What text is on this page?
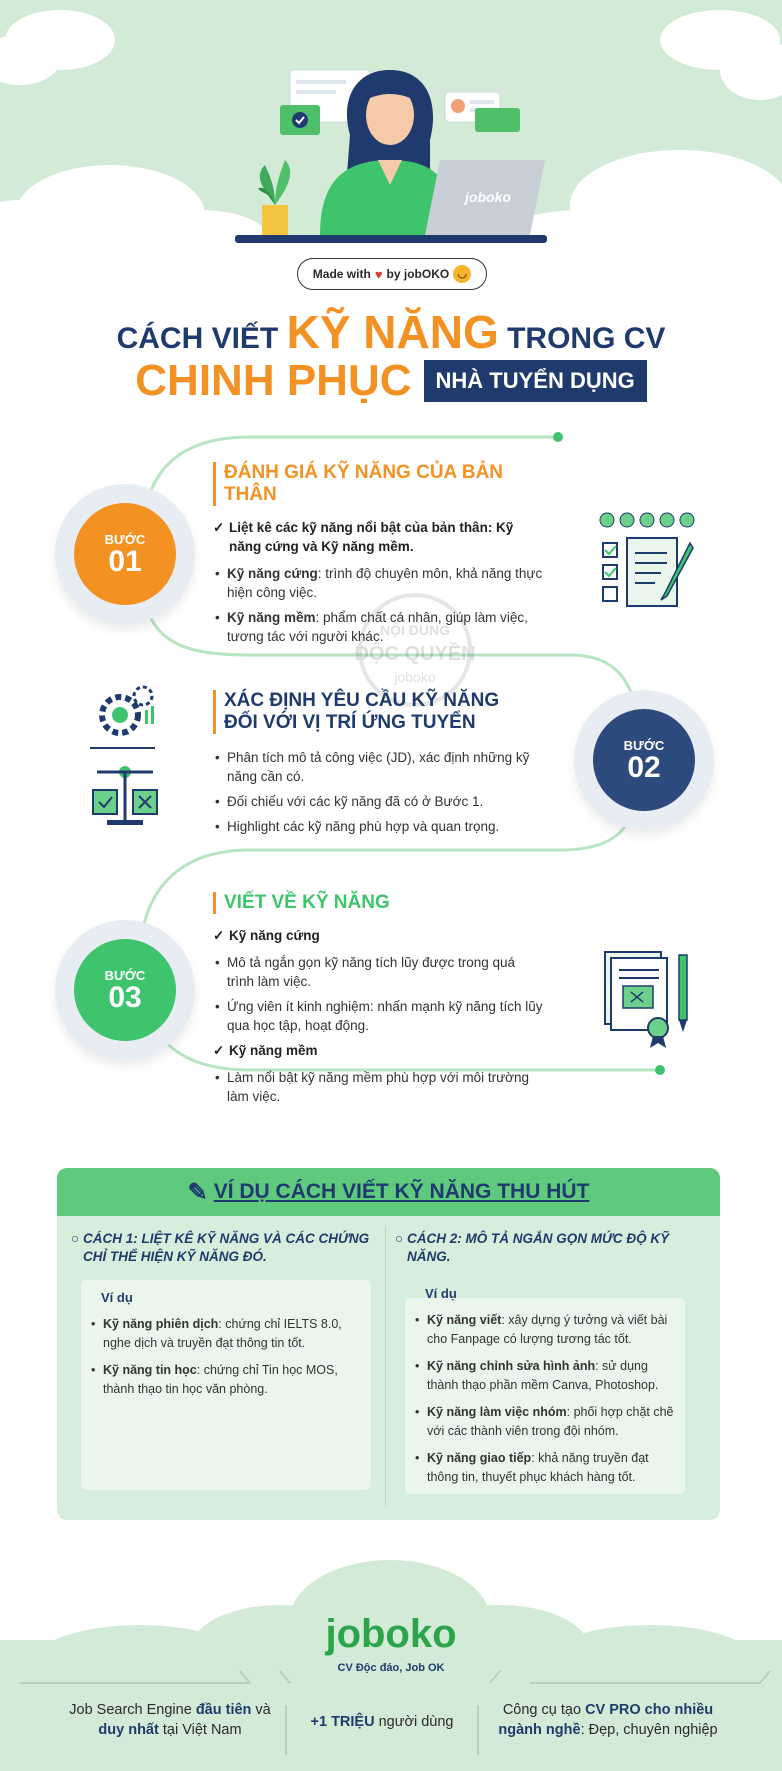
joboko
Made with ♥ by jobOKO ◡
CÁCH VIẾT KỸ NĂNG TRONG CV
CHINH PHỤC NHÀ TUYỂN DỤNG
NỘI DUNG
ĐỘC QUYỀN
joboko
BƯỚC
01
ĐÁNH GIÁ KỸ NĂNG CỦA BẢN THÂN

✓ Liệt kê các kỹ năng nổi bật của bản thân: Kỹ năng cứng và Kỹ năng mềm.

• Kỹ năng cứng: trình độ chuyên môn, khả năng thực hiện công việc.

• Kỹ năng mềm: phẩm chất cá nhân, giúp làm việc, tương tác với người khác.

BƯỚC
02
XÁC ĐỊNH YÊU CẦU KỸ NĂNG
ĐỐI VỚI VỊ TRÍ ỨNG TUYỂN

• Phân tích mô tả công việc (JD), xác định những kỹ năng cần có.

• Đối chiếu với các kỹ năng đã có ở Bước 1.

• Highlight các kỹ năng phù hợp và quan trọng.

BƯỚC
03
VIẾT VỀ KỸ NĂNG

✓ Kỹ năng cứng

• Mô tả ngắn gọn kỹ năng tích lũy được trong quá trình làm việc.

• Ứng viên ít kinh nghiệm: nhấn mạnh kỹ năng tích lũy qua học tập, hoạt động.

✓ Kỹ năng mềm

• Làm nổi bật kỹ năng mềm phù hợp với môi trường làm việc.

✎ VÍ DỤ CÁCH VIẾT KỸ NĂNG THU HÚT
○ CÁCH 1: LIỆT KÊ KỸ NĂNG VÀ CÁC CHỨNG CHỈ THỂ HIỆN KỸ NĂNG ĐÓ.
Ví dụ
• Kỹ năng phiên dịch: chứng chỉ IELTS 8.0, nghe dịch và truyền đạt thông tin tốt.
• Kỹ năng tin học: chứng chỉ Tin học MOS, thành thạo tin học văn phòng.
○ CÁCH 2: MÔ TẢ NGẮN GỌN MỨC ĐỘ KỸ NĂNG.
Ví dụ
• Kỹ năng viết: xây dựng ý tưởng và viết bài cho Fanpage có lượng tương tác tốt.
• Kỹ năng chỉnh sửa hình ảnh: sử dụng thành thạo phần mềm Canva, Photoshop.
• Kỹ năng làm việc nhóm: phối hợp chặt chẽ với các thành viên trong đội nhóm.
• Kỹ năng giao tiếp: khả năng truyền đạt thông tin, thuyết phục khách hàng tốt.
joboko
CV Độc đáo, Job OK
Job Search Engine đầu tiên và
duy nhất tại Việt Nam	+1 TRIỆU người dùng
Công cụ tạo CV PRO cho nhiều
ngành nghề: Đẹp, chuyên nghiệp
